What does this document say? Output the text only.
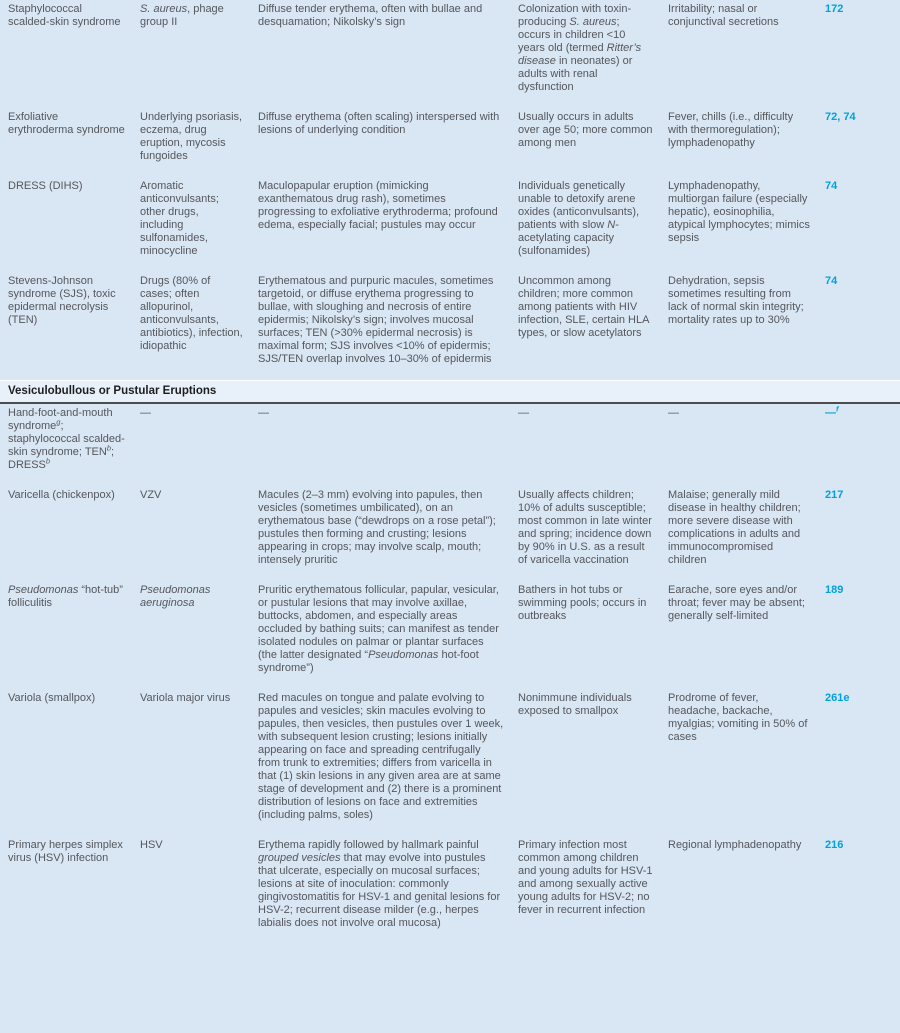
Staphylococcal scalded-skin syndrome	S. aureus, phage group II	Diffuse tender erythema, often with bullae and desquamation; Nikolsky’s sign	Colonization with toxin-producing S. aureus; occurs in children <10 years old (termed Ritter’s disease in neonates) or adults with renal dysfunction	Irritability; nasal or conjunctival secretions	172
Exfoliative erythroderma syndrome	Underlying psoriasis, eczema, drug eruption, mycosis fungoides	Diffuse erythema (often scaling) interspersed with lesions of underlying condition	Usually occurs in adults over age 50; more common among men	Fever, chills (i.e., difficulty with thermoregulation); lymphadenopathy	72, 74
DRESS (DIHS)	Aromatic anticonvulsants; other drugs, including sulfonamides, minocycline	Maculopapular eruption (mimicking exanthematous drug rash), sometimes progressing to exfoliative erythroderma; profound edema, especially facial; pustules may occur	Individuals genetically unable to detoxify arene oxides (anticonvulsants), patients with slow N-acetylating capacity (sulfonamides)	Lymphadenopathy, multiorgan failure (especially hepatic), eosinophilia, atypical lymphocytes; mimics sepsis	74
Stevens-Johnson syndrome (SJS), toxic epidermal necrolysis (TEN)	Drugs (80% of cases; often allopurinol, anticonvulsants, antibiotics), infection, idiopathic	Erythematous and purpuric macules, sometimes targetoid, or diffuse erythema progressing to bullae, with sloughing and necrosis of entire epidermis; Nikolsky’s sign; involves mucosal surfaces; TEN (>30% epidermal necrosis) is maximal form; SJS involves <10% of epidermis; SJS/TEN overlap involves 10–30% of epidermis	Uncommon among children; more common among patients with HIV infection, SLE, certain HLA types, or slow acetylators	Dehydration, sepsis sometimes resulting from lack of normal skin integrity; mortality rates up to 30%	74

Vesiculobullous or Pustular Eruptions					

Hand-foot-and-mouth syndrome$^g$; staphylococcal scalded-skin syndrome; TEN$^b$; DRESS$^b$	—	—	—	—	—$^f$
Varicella (chickenpox)	VZV	Macules (2–3 mm) evolving into papules, then vesicles (sometimes umbilicated), on an erythematous base (“dewdrops on a rose petal”); pustules then forming and crusting; lesions appearing in crops; may involve scalp, mouth; intensely pruritic	Usually affects children; 10% of adults susceptible; most common in late winter and spring; incidence down by 90% in U.S. as a result of varicella vaccination	Malaise; generally mild disease in healthy children; more severe disease with complications in adults and immunocompromised children	217
Pseudomonas “hot-tub” folliculitis	Pseudomonas aeruginosa	Pruritic erythematous follicular, papular, vesicular, or pustular lesions that may involve axillae, buttocks, abdomen, and especially areas occluded by bathing suits; can manifest as tender isolated nodules on palmar or plantar surfaces (the latter designated “Pseudomonas hot-foot syndrome”)	Bathers in hot tubs or swimming pools; occurs in outbreaks	Earache, sore eyes and/or throat; fever may be absent; generally self-limited	189
Variola (smallpox)	Variola major virus	Red macules on tongue and palate evolving to papules and vesicles; skin macules evolving to papules, then vesicles, then pustules over 1 week, with subsequent lesion crusting; lesions initially appearing on face and spreading centrifugally from trunk to extremities; differs from varicella in that (1) skin lesions in any given area are at same stage of development and (2) there is a prominent distribution of lesions on face and extremities (including palms, soles)	Nonimmune individuals exposed to smallpox	Prodrome of fever, headache, backache, myalgias; vomiting in 50% of cases	261e
Primary herpes simplex virus (HSV) infection	HSV	Erythema rapidly followed by hallmark painful grouped vesicles that may evolve into pustules that ulcerate, especially on mucosal surfaces; lesions at site of inoculation: commonly gingivostomatitis for HSV-1 and genital lesions for HSV-2; recurrent disease milder (e.g., herpes labialis does not involve oral mucosa)	Primary infection most common among children and young adults for HSV-1 and among sexually active young adults for HSV-2; no fever in recurrent infection	Regional lymphadenopathy	216
